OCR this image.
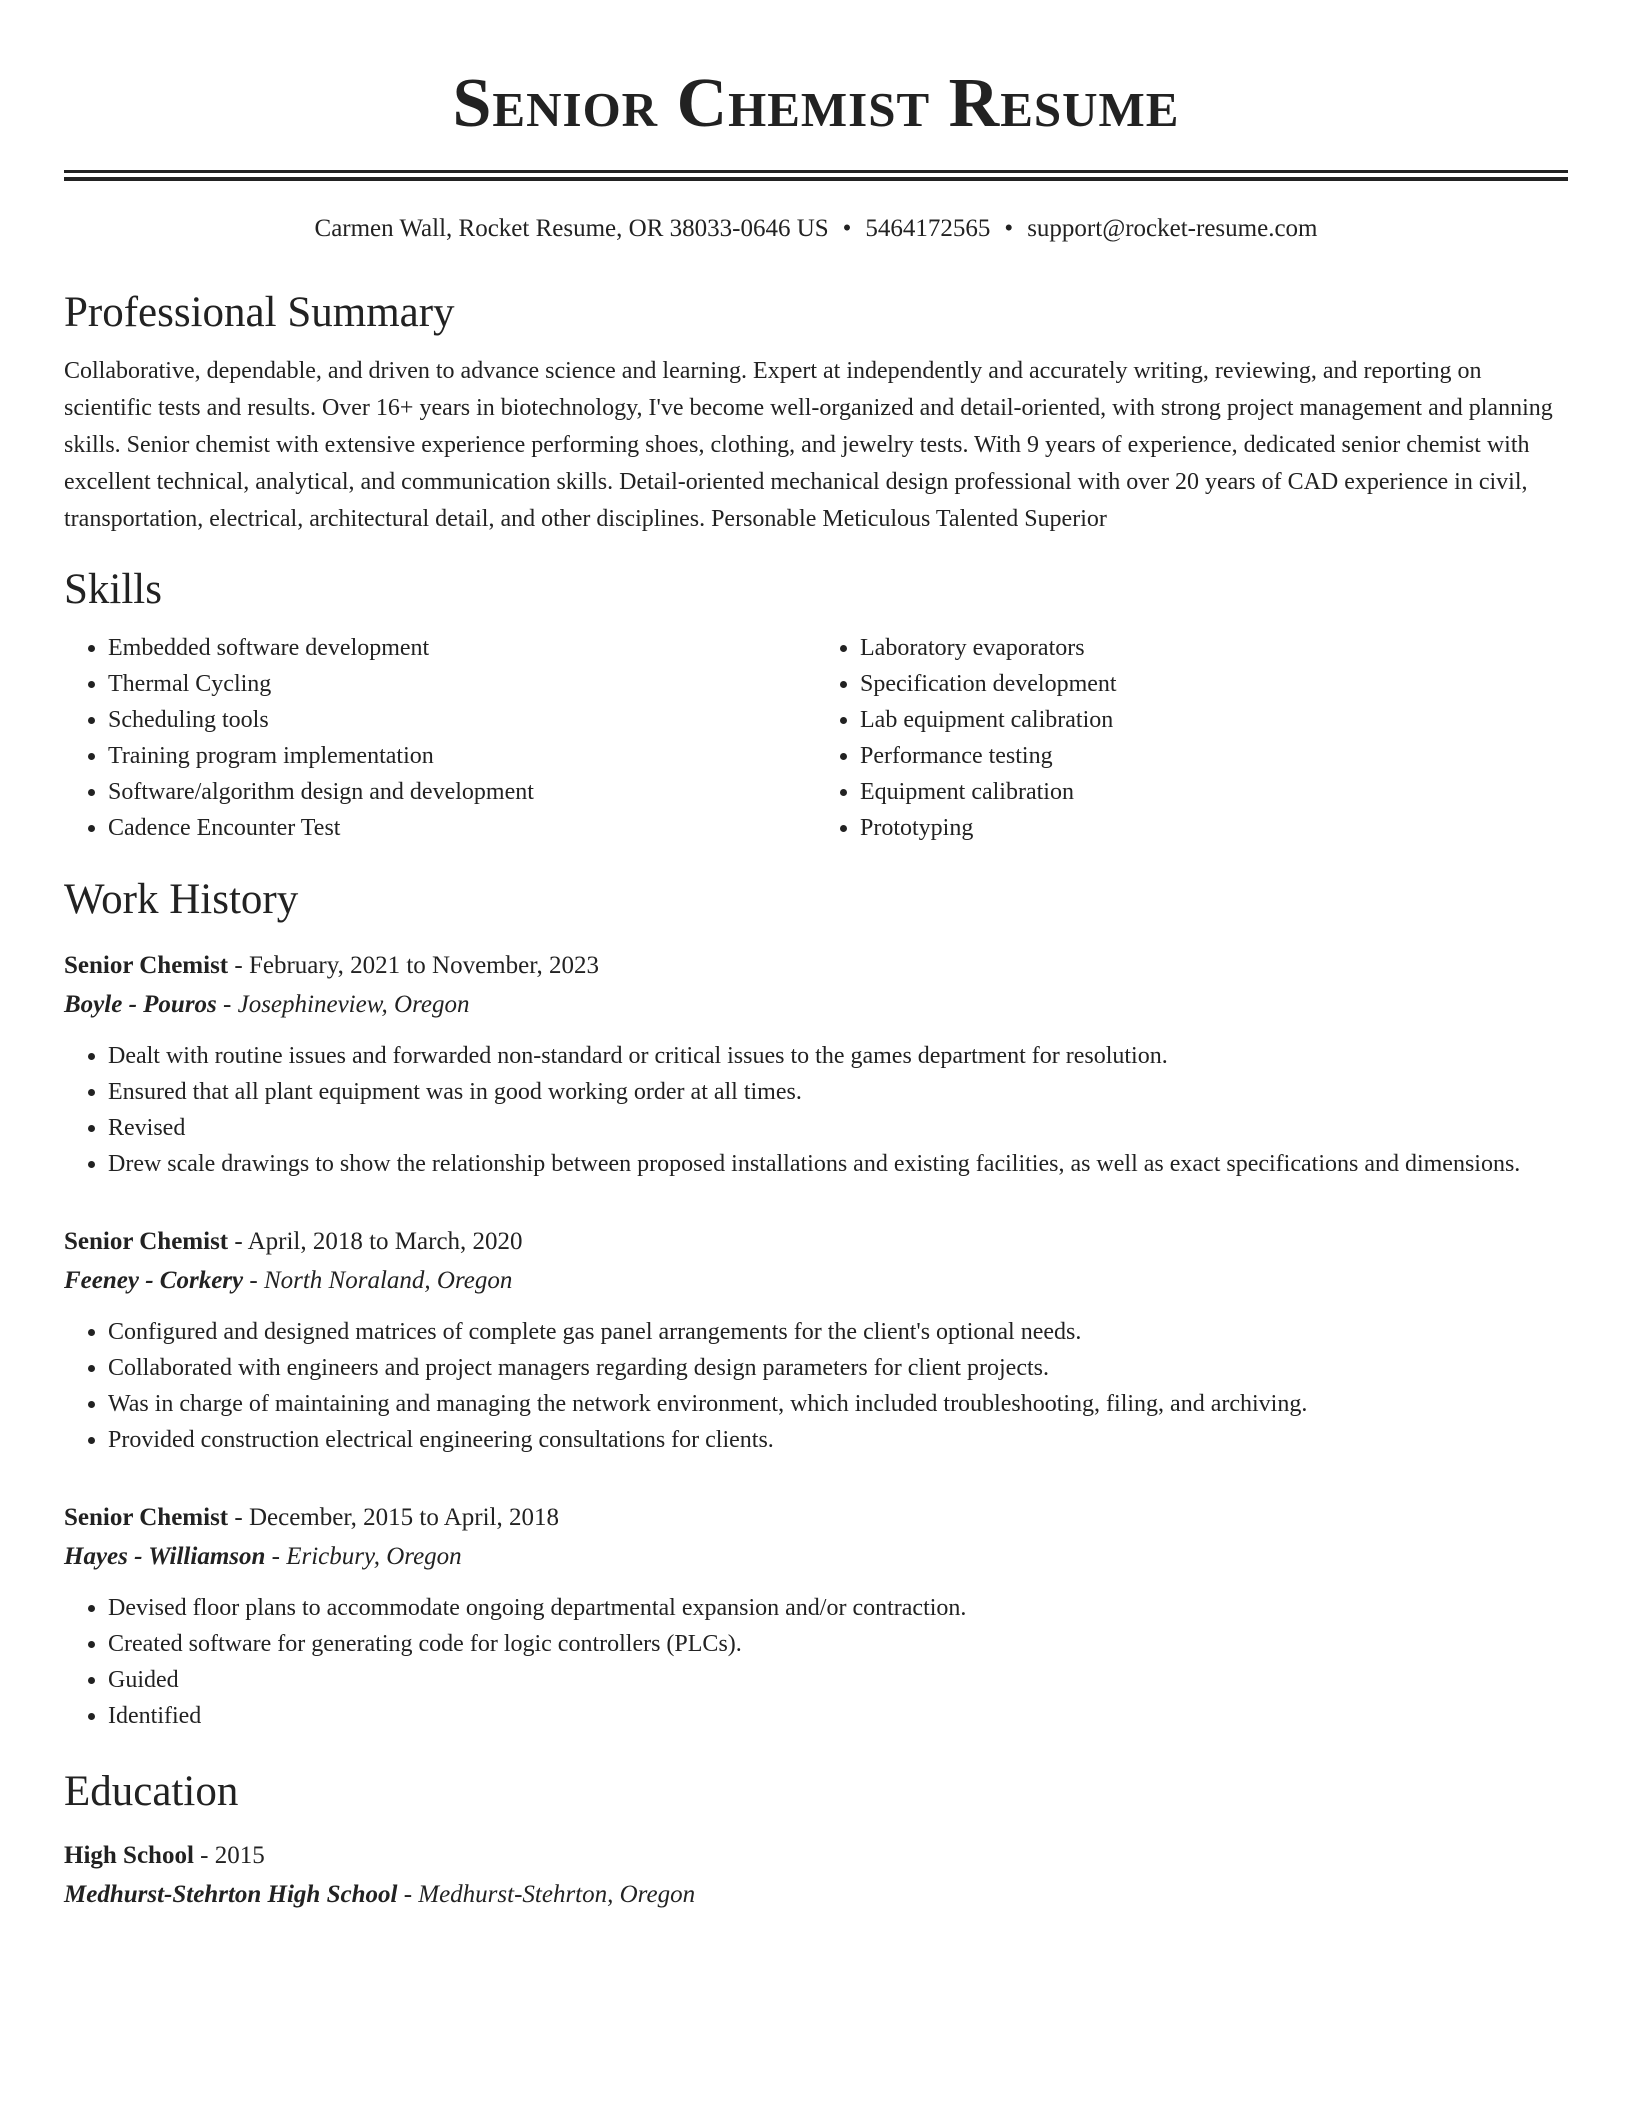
Senior Chemist Resume
Carmen Wall, Rocket Resume, OR 38033-0646 US • 5464172565 • support@rocket-resume.com
Professional Summary

Collaborative, dependable, and driven to advance science and learning. Expert at independently and accurately writing, reviewing, and reporting on scientific tests and results. Over 16+ years in biotechnology, I've become well-organized and detail-oriented, with strong project management and planning skills. Senior chemist with extensive experience performing shoes, clothing, and jewelry tests. With 9 years of experience, dedicated senior chemist with excellent technical, analytical, and communication skills. Detail-oriented mechanical design professional with over 20 years of CAD experience in civil, transportation, electrical, architectural detail, and other disciplines. Personable Meticulous Talented Superior

Skills
• Embedded software development
• Thermal Cycling
• Scheduling tools
• Training program implementation
• Software/algorithm design and development
• Cadence Encounter Test
• Laboratory evaporators
• Specification development
• Lab equipment calibration
• Performance testing
• Equipment calibration
• Prototyping
Work History
Senior Chemist - February, 2021 to November, 2023
Boyle - Pouros - Josephineview, Oregon
• Dealt with routine issues and forwarded non-standard or critical issues to the games department for resolution.
• Ensured that all plant equipment was in good working order at all times.
• Revised
• Drew scale drawings to show the relationship between proposed installations and existing facilities, as well as exact specifications and dimensions.
Senior Chemist - April, 2018 to March, 2020
Feeney - Corkery - North Noraland, Oregon
• Configured and designed matrices of complete gas panel arrangements for the client's optional needs.
• Collaborated with engineers and project managers regarding design parameters for client projects.
• Was in charge of maintaining and managing the network environment, which included troubleshooting, filing, and archiving.
• Provided construction electrical engineering consultations for clients.
Senior Chemist - December, 2015 to April, 2018
Hayes - Williamson - Ericbury, Oregon
• Devised floor plans to accommodate ongoing departmental expansion and/or contraction.
• Created software for generating code for logic controllers (PLCs).
• Guided
• Identified
Education
High School - 2015
Medhurst-Stehrton High School - Medhurst-Stehrton, Oregon
